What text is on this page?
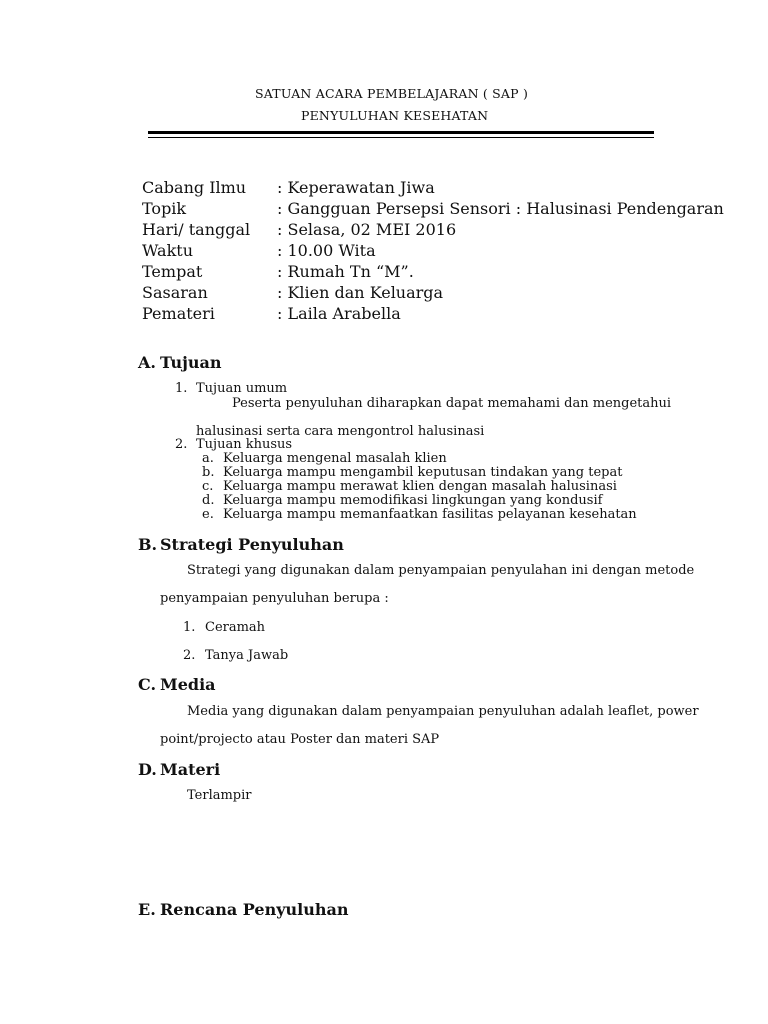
SATUAN ACARA PEMBELAJARAN ( SAP )
PENYULUHAN KESEHATAN
Cabang Ilmu : Keperawatan Jiwa
Topik	: Gangguan Persepsi Sensori : Halusinasi Pendengaran
Hari/ tanggal : Selasa, 02 MEI 2016
Waktu	: 10.00 Wita
Tempat	: Rumah Tn “M”.
Sasaran	: Klien dan Keluarga
Pemateri	: Laila Arabella
A. Tujuan
1. Tujuan umum
Peserta penyuluhan diharapkan dapat memahami dan mengetahui
halusinasi serta cara mengontrol halusinasi
2. Tujuan khusus
a. Keluarga mengenal masalah klien
b. Keluarga mampu mengambil keputusan tindakan yang tepat
c. Keluarga mampu merawat klien dengan masalah halusinasi
d. Keluarga mampu memodifikasi lingkungan yang kondusif
e. Keluarga mampu memanfaatkan fasilitas pelayanan kesehatan
B. Strategi Penyuluhan
Strategi yang digunakan dalam penyampaian penyulahan ini dengan metode
penyampaian penyuluhan berupa :
1. Ceramah
2. Tanya Jawab
C. Media
Media yang digunakan dalam penyampaian penyuluhan adalah leaflet, power
point/projecto atau Poster dan materi SAP
D. Materi
Terlampir
E. Rencana Penyuluhan
